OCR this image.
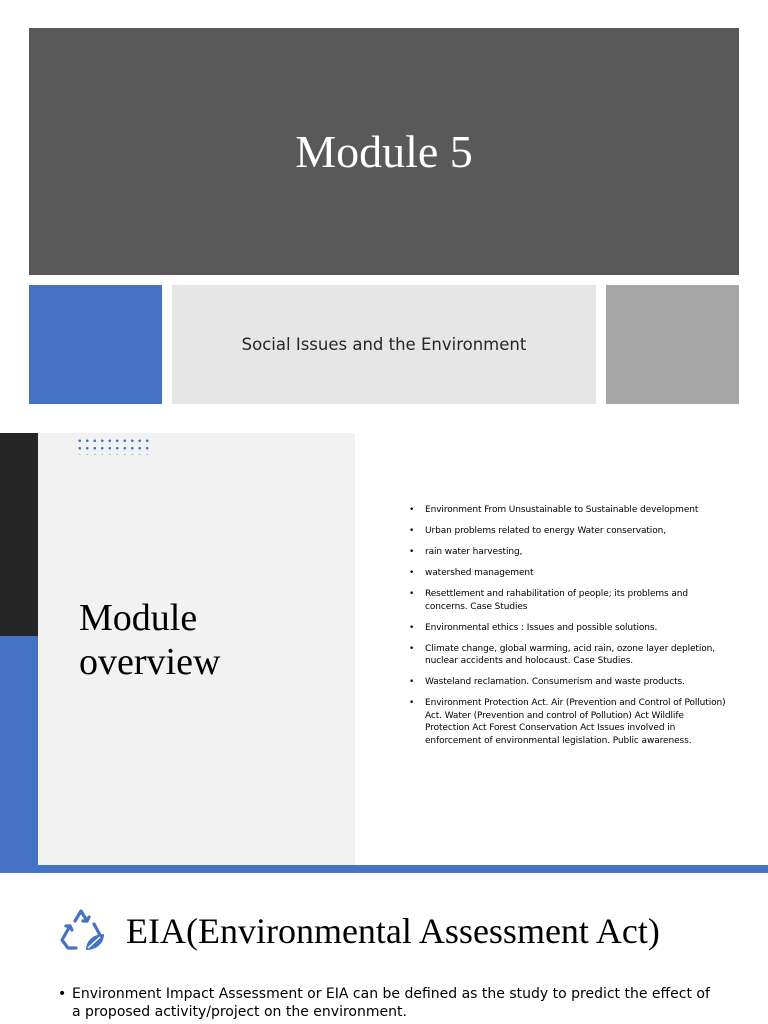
Module 5
Social Issues and the Environment
Module
overview
• Environment From Unsustainable to Sustainable development
• Urban problems related to energy Water conservation,
• rain water harvesting,
• watershed management
• Resettlement and rahabilitation of people; its problems and concerns. Case Studies
• Environmental ethics : Issues and possible solutions.
• Climate change, global warming, acid rain, ozone layer depletion, nuclear accidents and holocaust. Case Studies.
• Wasteland reclamation. Consumerism and waste products.
• Environment Protection Act. Air (Prevention and Control of Pollution) Act. Water (Prevention and control of Pollution) Act Wildlife Protection Act Forest Conservation Act Issues involved in enforcement of environmental legislation. Public awareness.
EIA(Environmental Assessment Act)
• Environment Impact Assessment or EIA can be defined as the study to predict the effect of a proposed activity/project on the environment.
